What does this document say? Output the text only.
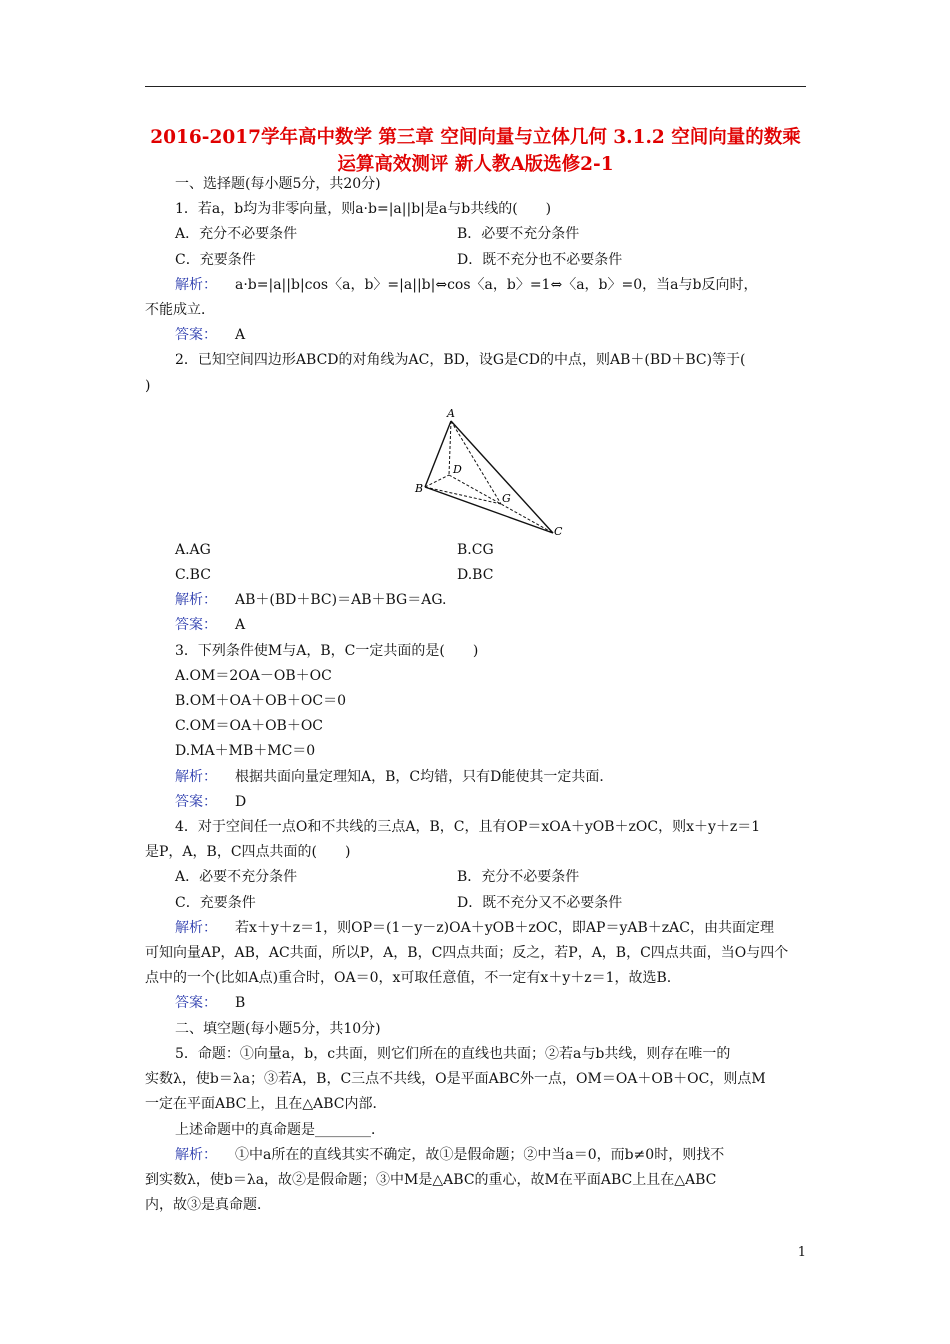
2016-2017学年高中数学 第三章 空间向量与立体几何 3.1.2 空间向量的数乘运算高效测评 新人教A版选修2-1
一、选择题(每小题5分，共20分)
1．若a，b均为非零向量，则a·b=|a||b|是a与b共线的(　　)
A．充分不必要条件	B．必要不充分条件
C．充要条件	D．既不充分也不必要条件
解析： a·b=|a||b|cos〈a，b〉=|a||b|⇔cos〈a，b〉=1⇔〈a，b〉=0，当a与b反向时，
不能成立．
答案： A
2．已知空间四边形ABCD的对角线为AC，BD，设G是CD的中点，则AB＋(BD＋BC)等于(
)
A
B
C
D
G
A.AG	B.CG
C.BC	D.BC
解析： AB＋(BD＋BC)＝AB＋BG＝AG.
答案： A
3．下列条件使M与A，B，C一定共面的是(　　)
A.OM＝2OA－OB＋OC
B.OM＋OA＋OB＋OC＝0
C.OM＝OA＋OB＋OC
D.MA＋MB＋MC＝0
解析： 根据共面向量定理知A，B，C均错，只有D能使其一定共面．
答案： D
4．对于空间任一点O和不共线的三点A，B，C，且有OP＝xOA＋yOB＋zOC，则x＋y＋z＝1
是P，A，B，C四点共面的(　　)
A．必要不充分条件	B．充分不必要条件
C．充要条件	D．既不充分又不必要条件
解析： 若x＋y＋z＝1，则OP＝(1－y－z)OA＋yOB＋zOC，即AP＝yAB＋zAC，由共面定理
可知向量AP，AB，AC共面，所以P，A，B，C四点共面；反之，若P，A，B，C四点共面，当O与四个
点中的一个(比如A点)重合时，OA＝0，x可取任意值，不一定有x＋y＋z＝1，故选B.
答案： B
二、填空题(每小题5分，共10分)
5．命题：①向量a，b，c共面，则它们所在的直线也共面；②若a与b共线，则存在唯一的
实数λ，使b＝λa；③若A，B，C三点不共线，O是平面ABC外一点，OM＝OA＋OB＋OC，则点M
一定在平面ABC上，且在△ABC内部．
上述命题中的真命题是________．
解析： ①中a所在的直线其实不确定，故①是假命题；②中当a＝0，而b≠0时，则找不
到实数λ，使b＝λa，故②是假命题；③中M是△ABC的重心，故M在平面ABC上且在△ABC
内，故③是真命题．
1
